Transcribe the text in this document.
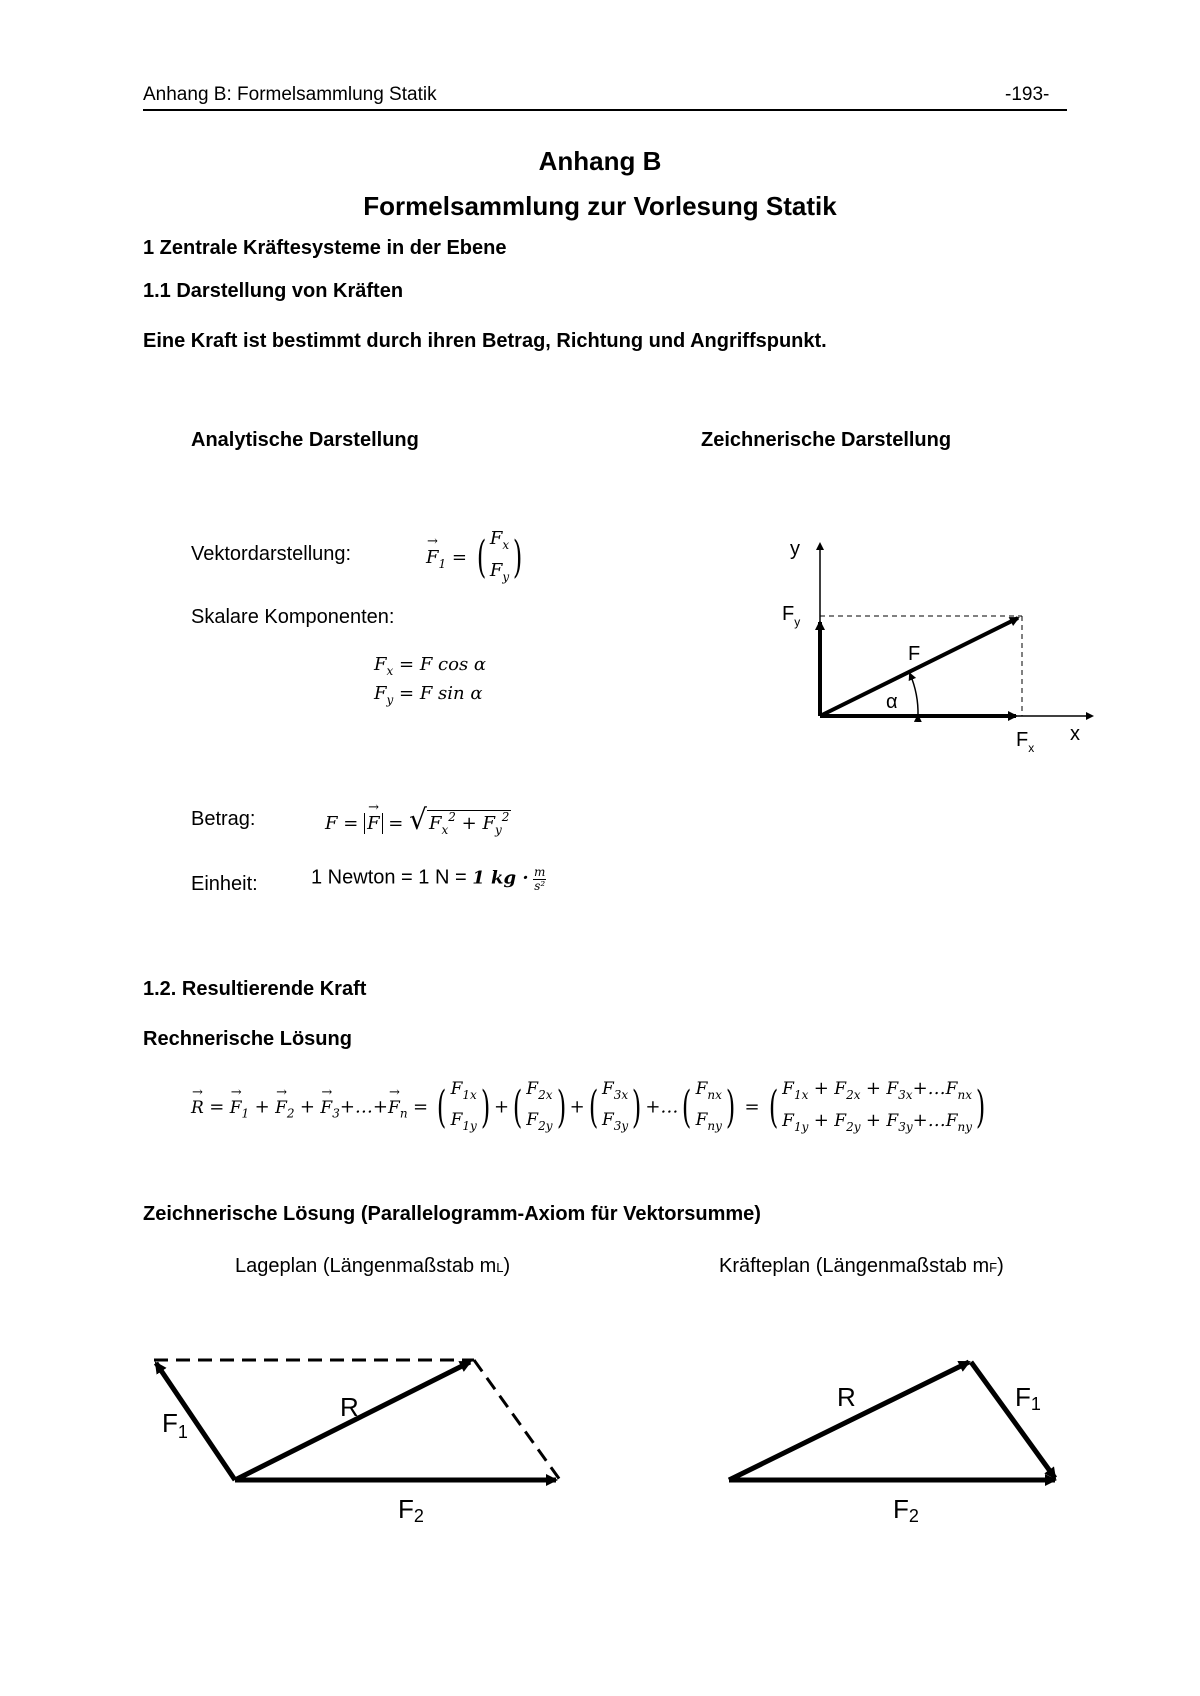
Anhang B: Formelsammlung Statik	-193-
Anhang B
Formelsammlung zur Vorlesung Statik
1 Zentrale Kräftesysteme in der Ebene
1.1 Darstellung von Kräften
Eine Kraft ist bestimmt durch ihren Betrag, Richtung und Angriffspunkt.
Analytische Darstellung	Zeichnerische Darstellung
Vektordarstellung:	→ $F_1$ = ( $F_x$
$F_y$ )
Skalare Komponenten:
$F_x = F$ cos α
$F_y = F$ sin α
Betrag:	F = → F = √ $F_x^2 + F_y^2$
Einheit:	1 Newton = 1 N = 1 kg · $\frac{m}{\text{s²}}$
y
$F_y$
F
α
$F_x$
x
1.2. Resultierende Kraft
Rechnerische Lösung
→ R = → $F_1$ + → $F_2$ + → $F_3+\dots+\to F_n$ = ( $F_{1x}$
$F_{1y}$ ) + ( $F_{2x}$
$F_{2y}$ ) + ( $F_{3x}$
$F_{3y}$ ) +… ( $F_{nx}$
$F_{ny}$ ) = ( $F_{1x} + F_{2x}$ + $F_{3x}+\dots F_{nx}$
$F_{1y} + F_{2y}$ + $F_{3y}+\dots F_{ny}$ )
Zeichnerische Lösung (Parallelogramm-Axiom für Vektorsumme)
Lageplan (Längenmaßstab mL)	Kräfteplan (Längenmaßstab mF)
$F_1$
R
F2
R	F1
F2
